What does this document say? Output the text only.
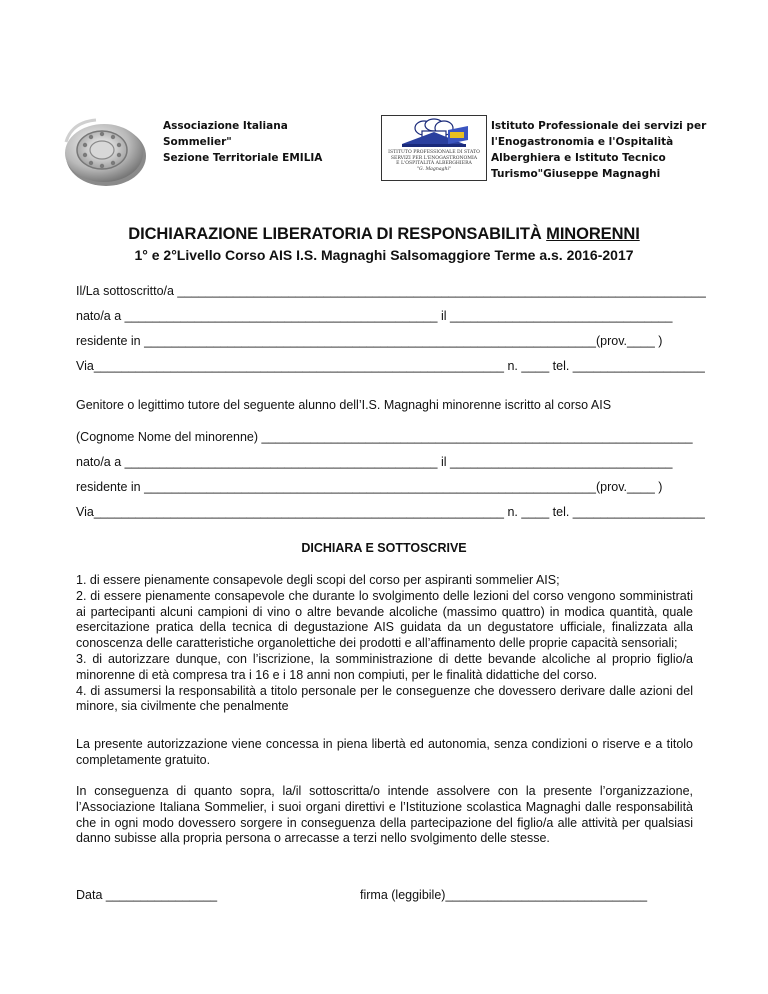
Associazione Italiana
Sommelier"
Sezione Territoriale EMILIA	ISTITUTO PROFESSIONALE DI STATO
SERVIZI PER L'ENOGASTRONOMIA
E L'OSPITALITÀ ALBERGHIERA
"G. Magnaghi"
Istituto Professionale dei servizi per
l'Enogastronomia e l'Ospitalità
Alberghiera e Istituto Tecnico
Turismo"Giuseppe Magnaghi
DICHIARAZIONE LIBERATORIA DI RESPONSABILITÀ MINORENNI
1° e 2°Livello Corso AIS I.S. Magnaghi Salsomaggiore Terme a.s. 2016-2017
Il/La sottoscritto/a ____________________________________________________________________________
nato/a a _____________________________________________ il ________________________________
residente in _________________________________________________________________(prov.____ )
Via___________________________________________________________ n. ____ tel. ___________________
Genitore o legittimo tutore del seguente alunno dell’I.S. Magnaghi minorenne iscritto al corso AIS
(Cognome Nome del minorenne) ______________________________________________________________
nato/a a _____________________________________________ il ________________________________
residente in _________________________________________________________________(prov.____ )
Via___________________________________________________________ n. ____ tel. ___________________
DICHIARA E SOTTOSCRIVE

1. di essere pienamente consapevole degli scopi del corso per aspiranti sommelier AIS;

2. di essere pienamente consapevole che durante lo svolgimento delle lezioni del corso vengono somministrati ai partecipanti alcuni campioni di vino o altre bevande alcoliche (massimo quattro) in modica quantità, quale esercitazione pratica della tecnica di degustazione AIS guidata da un degustatore ufficiale, finalizzata alla conoscenza delle caratteristiche organolettiche dei prodotti e all’affinamento delle proprie capacità sensoriali;

3. di autorizzare dunque, con l’iscrizione, la somministrazione di dette bevande alcoliche al proprio figlio/a minorenne di età compresa tra i 16 e i 18 anni non compiuti, per le finalità didattiche del corso.

4. di assumersi la responsabilità a titolo personale per le conseguenze che dovessero derivare dalle azioni del minore, sia civilmente che penalmente

La presente autorizzazione viene concessa in piena libertà ed autonomia, senza condizioni o riserve e a titolo completamente gratuito.

In conseguenza di quanto sopra, la/il sottoscritta/o intende assolvere con la presente l’organizzazione, l’Associazione Italiana Sommelier, i suoi organi direttivi e l’Istituzione scolastica Magnaghi dalle responsabilità che in ogni modo dovessero sorgere in conseguenza della partecipazione del figlio/a alle attività per qualsiasi danno subisse alla propria persona o arrecasse a terzi nello svolgimento delle stesse.

Data ________________	firma (leggibile)_____________________________
